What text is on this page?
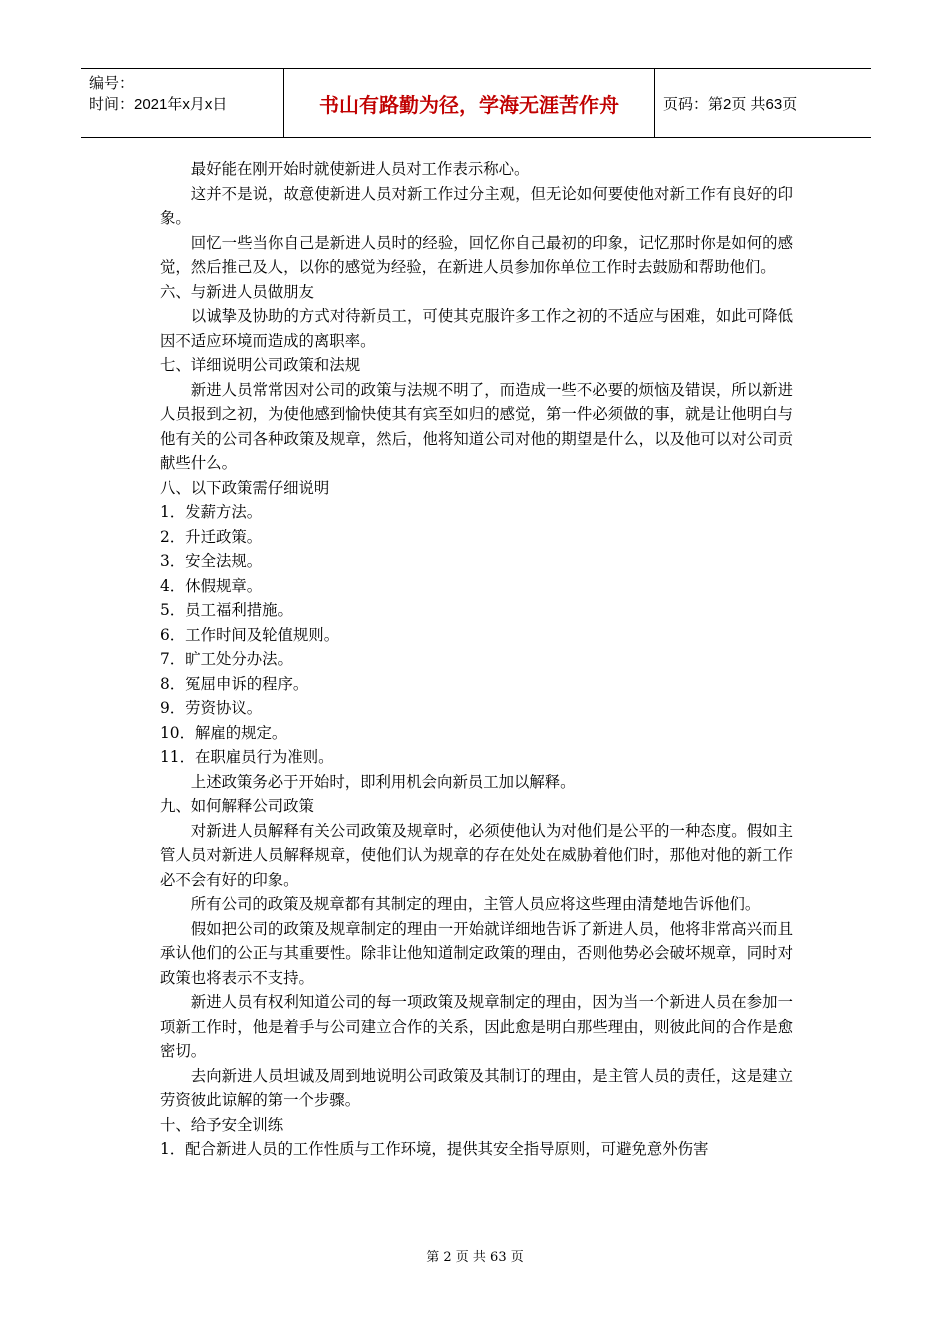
编号：
时间：2021年x月x日	书山有路勤为径，学海无涯苦作舟	页码：第2页 共63页

最好能在刚开始时就使新进人员对工作表示称心。

这并不是说，故意使新进人员对新工作过分主观，但无论如何要使他对新工作有良好的印象。

回忆一些当你自己是新进人员时的经验，回忆你自己最初的印象，记忆那时你是如何的感觉，然后推己及人，以你的感觉为经验，在新进人员参加你单位工作时去鼓励和帮助他们。

六、与新进人员做朋友

以诚挚及协助的方式对待新员工，可使其克服许多工作之初的不适应与困难，如此可降低因不适应环境而造成的离职率。

七、详细说明公司政策和法规

新进人员常常因对公司的政策与法规不明了，而造成一些不必要的烦恼及错误，所以新进人员报到之初，为使他感到愉快使其有宾至如归的感觉，第一件必须做的事，就是让他明白与他有关的公司各种政策及规章，然后，他将知道公司对他的期望是什么，以及他可以对公司贡献些什么。

八、以下政策需仔细说明

1．发薪方法。

2．升迁政策。

3．安全法规。

4．休假规章。

5．员工福利措施。

6．工作时间及轮值规则。

7．旷工处分办法。

8．冤屈申诉的程序。

9．劳资协议。

10．解雇的规定。

11．在职雇员行为准则。

上述政策务必于开始时，即利用机会向新员工加以解释。

九、如何解释公司政策

对新进人员解释有关公司政策及规章时，必须使他认为对他们是公平的一种态度。假如主管人员对新进人员解释规章，使他们认为规章的存在处处在威胁着他们时，那他对他的新工作必不会有好的印象。

所有公司的政策及规章都有其制定的理由，主管人员应将这些理由清楚地告诉他们。

假如把公司的政策及规章制定的理由一开始就详细地告诉了新进人员，他将非常高兴而且承认他们的公正与其重要性。除非让他知道制定政策的理由，否则他势必会破坏规章，同时对政策也将表示不支持。

新进人员有权利知道公司的每一项政策及规章制定的理由，因为当一个新进人员在参加一项新工作时，他是着手与公司建立合作的关系，因此愈是明白那些理由，则彼此间的合作是愈密切。

去向新进人员坦诚及周到地说明公司政策及其制订的理由，是主管人员的责任，这是建立劳资彼此谅解的第一个步骤。

十、给予安全训练

1．配合新进人员的工作性质与工作环境，提供其安全指导原则，可避免意外伤害

第 2 页 共 63 页
